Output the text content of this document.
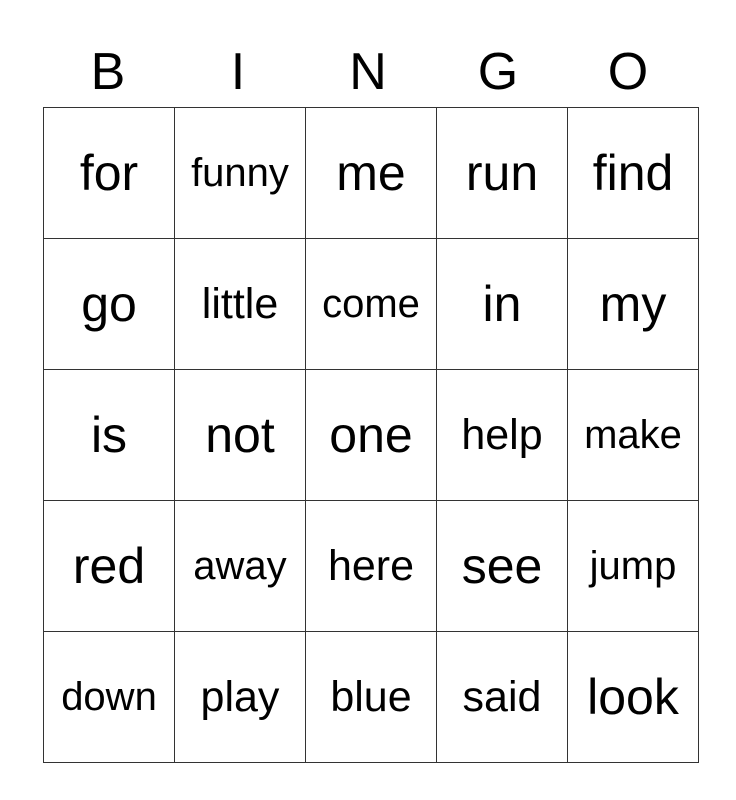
B	I	N	G	O
for	funny	me	run	find
go	little	come	in	my
is	not	one	help	make
red	away	here	see	jump
down	play	blue	said	look
